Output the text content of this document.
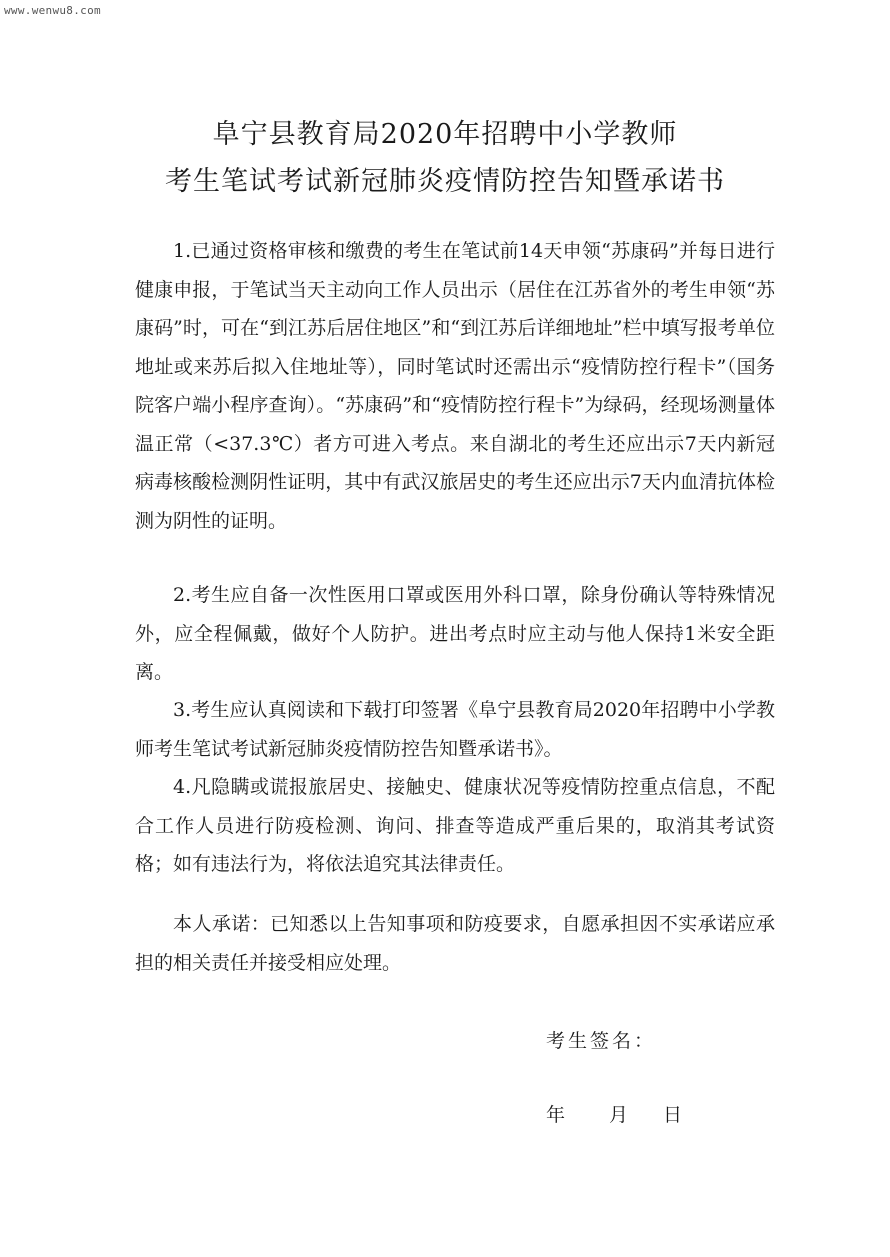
www.wenwu8.com
阜宁县教育局2020年招聘中小学教师
考生笔试考试新冠肺炎疫情防控告知暨承诺书

1.已通过资格审核和缴费的考生在笔试前14天申领“苏康码”并每日进行健康申报，于笔试当天主动向工作人员出示（居住在江苏省外的考生申领“苏康码”时，可在“到江苏后居住地区”和“到江苏后详细地址”栏中填写报考单位地址或来苏后拟入住地址等），同时笔试时还需出示“疫情防控行程卡”（国务院客户端小程序查询）。“苏康码”和“疫情防控行程卡”为绿码，经现场测量体温正常（<37.3℃）者方可进入考点。来自湖北的考生还应出示7天内新冠病毒核酸检测阴性证明，其中有武汉旅居史的考生还应出示7天内血清抗体检测为阴性的证明。

2.考生应自备一次性医用口罩或医用外科口罩，除身份确认等特殊情况外，应全程佩戴，做好个人防护。进出考点时应主动与他人保持1米安全距离。

3.考生应认真阅读和下载打印签署《阜宁县教育局2020年招聘中小学教师考生笔试考试新冠肺炎疫情防控告知暨承诺书》。

4.凡隐瞒或谎报旅居史、接触史、健康状况等疫情防控重点信息，不配合工作人员进行防疫检测、询问、排查等造成严重后果的，取消其考试资格；如有违法行为，将依法追究其法律责任。

本人承诺：已知悉以上告知事项和防疫要求，自愿承担因不实承诺应承担的相关责任并接受相应处理。

考生签名：
年 月 日
